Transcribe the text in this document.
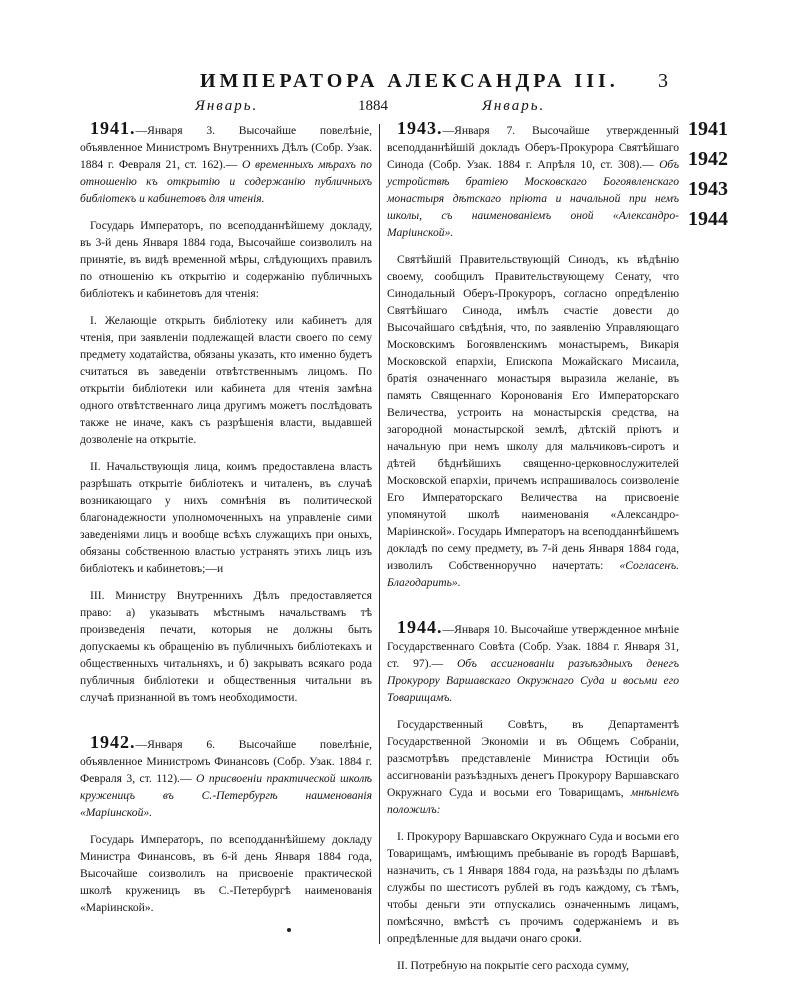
ИМПЕРАТОРА АЛЕКСАНДРА III. 3
Январь.	1884	Январь.

1941.—Января 3. Высочайше повелѣніе, объявленное Министромъ Внутреннихъ Дѣлъ (Собр. Узак. 1884 г. Февраля 21, ст. 162).— О временныхъ мѣрахъ по отношенію къ открытію и содержанію публичныхъ библіотекъ и кабинетовъ для чтенія.

Государь Императоръ, по всеподданнѣйшему докладу, въ 3-й день Января 1884 года, Высочайше соизволилъ на принятіе, въ видѣ временной мѣры, слѣдующихъ правилъ по отношенію къ открытію и содержанію публичныхъ библіотекъ и кабинетовъ для чтенія:

I. Желающіе открыть библіотеку или кабинетъ для чтенія, при заявленіи подлежащей власти своего по сему предмету ходатайства, обязаны указать, кто именно будетъ считаться въ заведеніи отвѣтственнымъ лицомъ. По открытіи библіотеки или кабинета для чтенія замѣна одного отвѣтственнаго лица другимъ можетъ послѣдовать также не иначе, какъ съ разрѣшенія власти, выдавшей дозволеніе на открытіе.

II. Начальствующія лица, коимъ предоставлена власть разрѣшать открытіе библіотекъ и читаленъ, въ случаѣ возникающаго у нихъ сомнѣнія въ политической благонадежности уполномоченныхъ на управленіе сими заведеніями лицъ и вообще всѣхъ служащихъ при оныхъ, обязаны собственною властью устранять этихъ лицъ изъ библіотекъ и кабинетовъ;—и

III. Министру Внутреннихъ Дѣлъ предоставляется право: а) указывать мѣстнымъ начальствамъ тѣ произведенія печати, которыя не должны быть допускаемы къ обращенію въ публичныхъ библіотекахъ и общественныхъ читальняхъ, и б) закрывать всякаго рода публичныя библіотеки и общественныя читальни въ случаѣ признанной въ томъ необходимости.

1942.—Января 6. Высочайше повелѣніе, объявленное Министромъ Финансовъ (Собр. Узак. 1884 г. Февраля 3, ст. 112).— О присвоеніи практической школѣ круженицъ въ С.-Петербургѣ наименованія «Маріинской».

Государь Императоръ, по всеподданнѣйшему докладу Министра Финансовъ, въ 6-й день Января 1884 года, Высочайше соизволилъ на присвоеніе практической школѣ круженицъ въ С.-Петербургѣ наименованія «Маріинской».

1943.—Января 7. Высочайше утвержденный всеподданнѣйшій докладъ Оберъ-Прокурора Святѣйшаго Синода (Собр. Узак. 1884 г. Апрѣля 10, ст. 308).— Объ устройствѣ братіею Московскаго Богоявленскаго монастыря дѣтскаго пріюта и начальной при немъ школы, съ наименованіемъ оной «Александро-Маріинской».

Святѣйшій Правительствующій Синодъ, къ вѣдѣнію своему, сообщилъ Правительствующему Сенату, что Синодальный Оберъ-Прокуроръ, согласно опредѣленію Святѣйшаго Синода, имѣлъ счастіе довести до Высочайшаго свѣдѣнія, что, по заявленію Управляющаго Московскимъ Богоявленскимъ монастыремъ, Викарія Московской епархіи, Епископа Можайскаго Мисаила, братія означеннаго монастыря выразила желаніе, въ память Священнаго Коронованія Его Императорскаго Величества, устроить на монастырскія средства, на загородной монастырской землѣ, дѣтскій пріютъ и начальную при немъ школу для мальчиковъ-сиротъ и дѣтей бѣднѣйшихъ священно-церковнослужителей Московской епархіи, причемъ испрашивалось соизволеніе Его Императорскаго Величества на присвоеніе упомянутой школѣ наименованія «Александро-Маріинской». Государь Императоръ на всеподданнѣйшемъ докладѣ по сему предмету, въ 7-й день Января 1884 года, изволилъ Собственноручно начертать: «Согласенъ. Благодарить».

1944.—Января 10. Высочайше утвержденное мнѣніе Государственнаго Совѣта (Собр. Узак. 1884 г. Января 31, ст. 97).— Объ ассигнованіи разъѣздныхъ денегъ Прокурору Варшавскаго Окружнаго Суда и восьми его Товарищамъ.

Государственный Совѣтъ, въ Департаментѣ Государственной Экономіи и въ Общемъ Собраніи, разсмотрѣвъ представленіе Министра Юстиціи объ ассигнованіи разъѣздныхъ денегъ Прокурору Варшавскаго Окружнаго Суда и восьми его Товарищамъ, мнѣніемъ положилъ:

I. Прокурору Варшавскаго Окружнаго Суда и восьми его Товарищамъ, имѣющимъ пребываніе въ городѣ Варшавѣ, назначить, съ 1 Января 1884 года, на разъѣзды по дѣламъ службы по шестисотъ рублей въ годъ каждому, съ тѣмъ, чтобы деньги эти отпускались означеннымъ лицамъ, помѣсячно, вмѣстѣ съ прочимъ содержаніемъ и въ опредѣленные для выдачи онаго сроки.

II. Потребную на покрытіе сего расхода сумму,

1941
1942
1943
1944
